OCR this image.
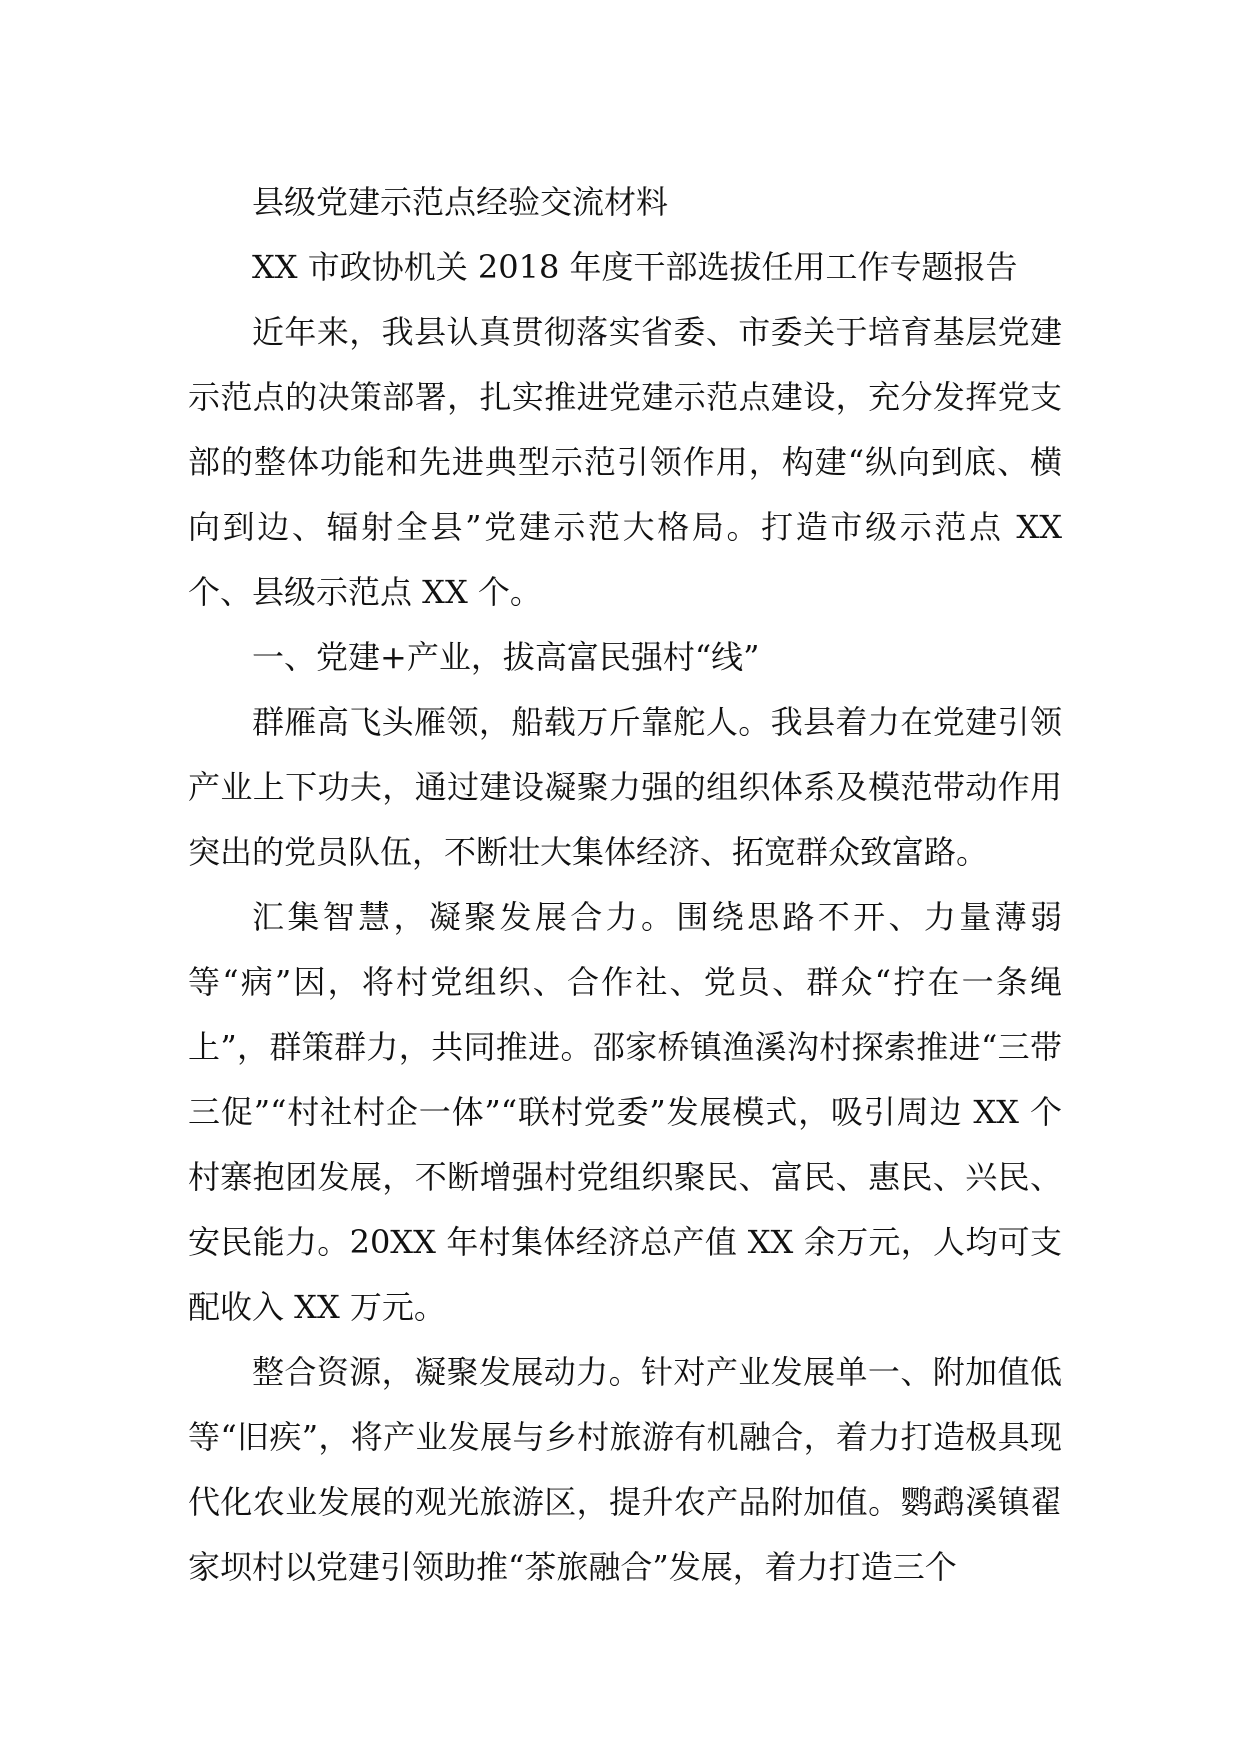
县级党建示范点经验交流材料

XX 市政协机关 2018 年度干部选拔任用工作专题报告

近年来，我县认真贯彻落实省委、市委关于培育基层党建示范点的决策部署，扎实推进党建示范点建设，充分发挥党支部的整体功能和先进典型示范引领作用，构建“纵向到底、横向到边、辐射全县”党建示范大格局。打造市级示范点 XX 个、县级示范点 XX 个。

一、党建+产业，拔高富民强村“线”

群雁高飞头雁领，船载万斤靠舵人。我县着力在党建引领产业上下功夫，通过建设凝聚力强的组织体系及模范带动作用突出的党员队伍，不断壮大集体经济、拓宽群众致富路。

汇集智慧，凝聚发展合力。围绕思路不开、力量薄弱等“病”因，将村党组织、合作社、党员、群众“拧在一条绳上”，群策群力，共同推进。邵家桥镇渔溪沟村探索推进“三带三促”“村社村企一体”“联村党委”发展模式，吸引周边 XX 个村寨抱团发展，不断增强村党组织聚民、富民、惠民、兴民、安民能力。20XX 年村集体经济总产值 XX 余万元，人均可支配收入 XX 万元。

整合资源，凝聚发展动力。针对产业发展单一、附加值低等“旧疾”，将产业发展与乡村旅游有机融合，着力打造极具现代化农业发展的观光旅游区，提升农产品附加值。鹦鹉溪镇翟家坝村以党建引领助推“茶旅融合”发展，着力打造三个
